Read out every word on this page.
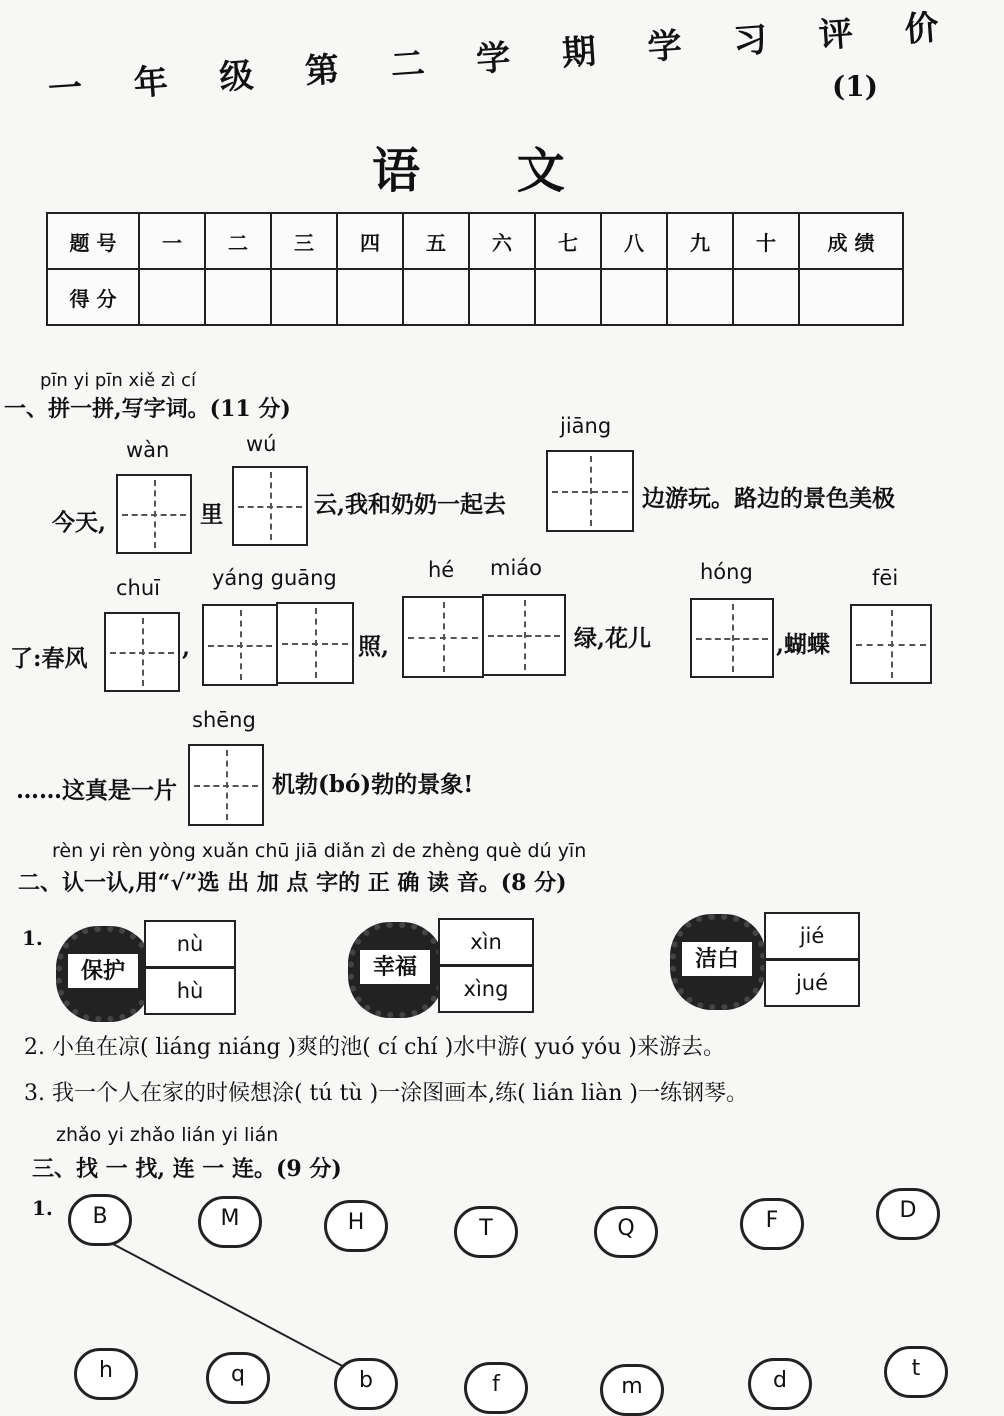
一 年 级 第 二 学 期 学 习 评 价
(1)
语 文
题 号	一	二	三	四	五	六	七	八	九	十	成 绩
得 分											
pīn yi pīn xiě zì cí
一、拼一拼,写字词。(11 分)
wàn	wú
jiāng
今天,	里	云,我和奶奶一起去	边游玩。路边的景色美极
chuī yáng guāng	hé miáo	hóng	fēi
了:春风	,	照,	绿,花儿	,蝴蝶
shēng
……这真是一片	机勃(bó)勃的景象!
rèn yi rèn yòng xuǎn chū jiā diǎn zì de zhèng què dú yīn
二、认一认,用“√”选 出 加 点 字的 正 确 读 音。(8 分)
1.
保护
nù
hù
幸福
xìn
xìng
洁白
jié
jué
2. 小鱼在凉( liáng niáng )爽的池( cí chí )水中游( yuó yóu )来游去。
3. 我一个人在家的时候想涂( tú tù )一涂图画本,练( lián liàn )一练钢琴。
zhǎo yi zhǎo lián yi lián
三、找 一 找, 连 一 连。(9 分)
1.	B	M	H	T	Q	F	D
h	q	b	f	m	d	t
